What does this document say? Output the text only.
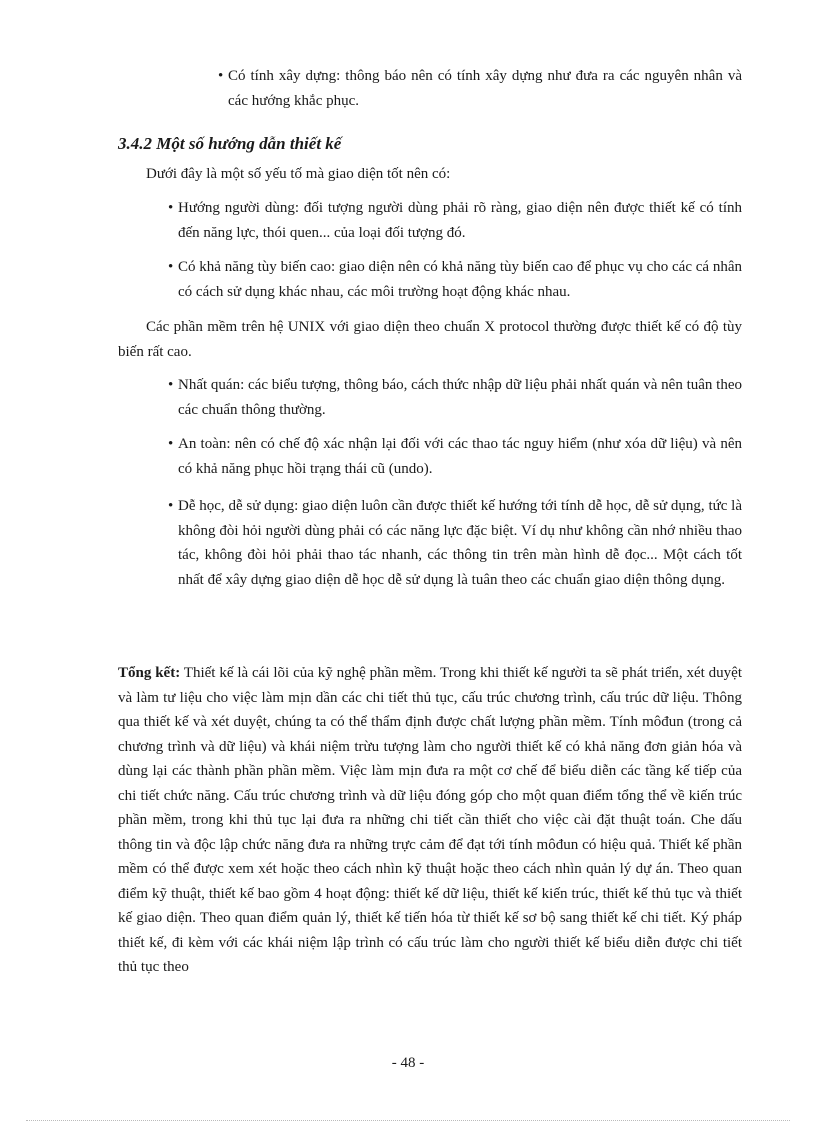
• Có tính xây dựng: thông báo nên có tính xây dựng như đưa ra các nguyên nhân và các hướng khắc phục.
3.4.2 Một số hướng dẫn thiết kế
Dưới đây là một số yếu tố mà giao diện tốt nên có:
• Hướng người dùng: đối tượng người dùng phải rõ ràng, giao diện nên được thiết kế có tính đến năng lực, thói quen... của loại đối tượng đó.
• Có khả năng tùy biến cao: giao diện nên có khả năng tùy biến cao để phục vụ cho các cá nhân có cách sử dụng khác nhau, các môi trường hoạt động khác nhau.
Các phần mềm trên hệ UNIX với giao diện theo chuẩn X protocol thường được thiết kế có độ tùy biến rất cao.
• Nhất quán: các biểu tượng, thông báo, cách thức nhập dữ liệu phải nhất quán và nên tuân theo các chuẩn thông thường.
• An toàn: nên có chế độ xác nhận lại đối với các thao tác nguy hiểm (như xóa dữ liệu) và nên có khả năng phục hồi trạng thái cũ (undo).
• Dễ học, dễ sử dụng: giao diện luôn cần được thiết kế hướng tới tính dễ học, dễ sử dụng, tức là không đòi hỏi người dùng phải có các năng lực đặc biệt. Ví dụ như không cần nhớ nhiều thao tác, không đòi hỏi phải thao tác nhanh, các thông tin trên màn hình dễ đọc... Một cách tốt nhất để xây dựng giao diện dễ học dễ sử dụng là tuân theo các chuẩn giao diện thông dụng.
Tổng kết: Thiết kế là cái lõi của kỹ nghệ phần mềm. Trong khi thiết kế người ta sẽ phát triển, xét duyệt và làm tư liệu cho việc làm mịn dần các chi tiết thủ tục, cấu trúc chương trình, cấu trúc dữ liệu. Thông qua thiết kế và xét duyệt, chúng ta có thể thẩm định được chất lượng phần mềm. Tính môđun (trong cả chương trình và dữ liệu) và khái niệm trừu tượng làm cho người thiết kế có khả năng đơn giản hóa và dùng lại các thành phần phần mềm. Việc làm mịn đưa ra một cơ chế để biểu diễn các tầng kế tiếp của chi tiết chức năng. Cấu trúc chương trình và dữ liệu đóng góp cho một quan điểm tổng thể về kiến trúc phần mềm, trong khi thủ tục lại đưa ra những chi tiết cần thiết cho việc cài đặt thuật toán. Che dấu thông tin và độc lập chức năng đưa ra những trực cảm để đạt tới tính môđun có hiệu quả. Thiết kế phần mềm có thể được xem xét hoặc theo cách nhìn kỹ thuật hoặc theo cách nhìn quản lý dự án. Theo quan điểm kỹ thuật, thiết kế bao gồm 4 hoạt động: thiết kế dữ liệu, thiết kế kiến trúc, thiết kế thủ tục và thiết kế giao diện. Theo quan điểm quản lý, thiết kế tiến hóa từ thiết kế sơ bộ sang thiết kế chi tiết. Ký pháp thiết kế, đi kèm với các khái niệm lập trình có cấu trúc làm cho người thiết kế biểu diễn được chi tiết thủ tục theo
- 48 -
